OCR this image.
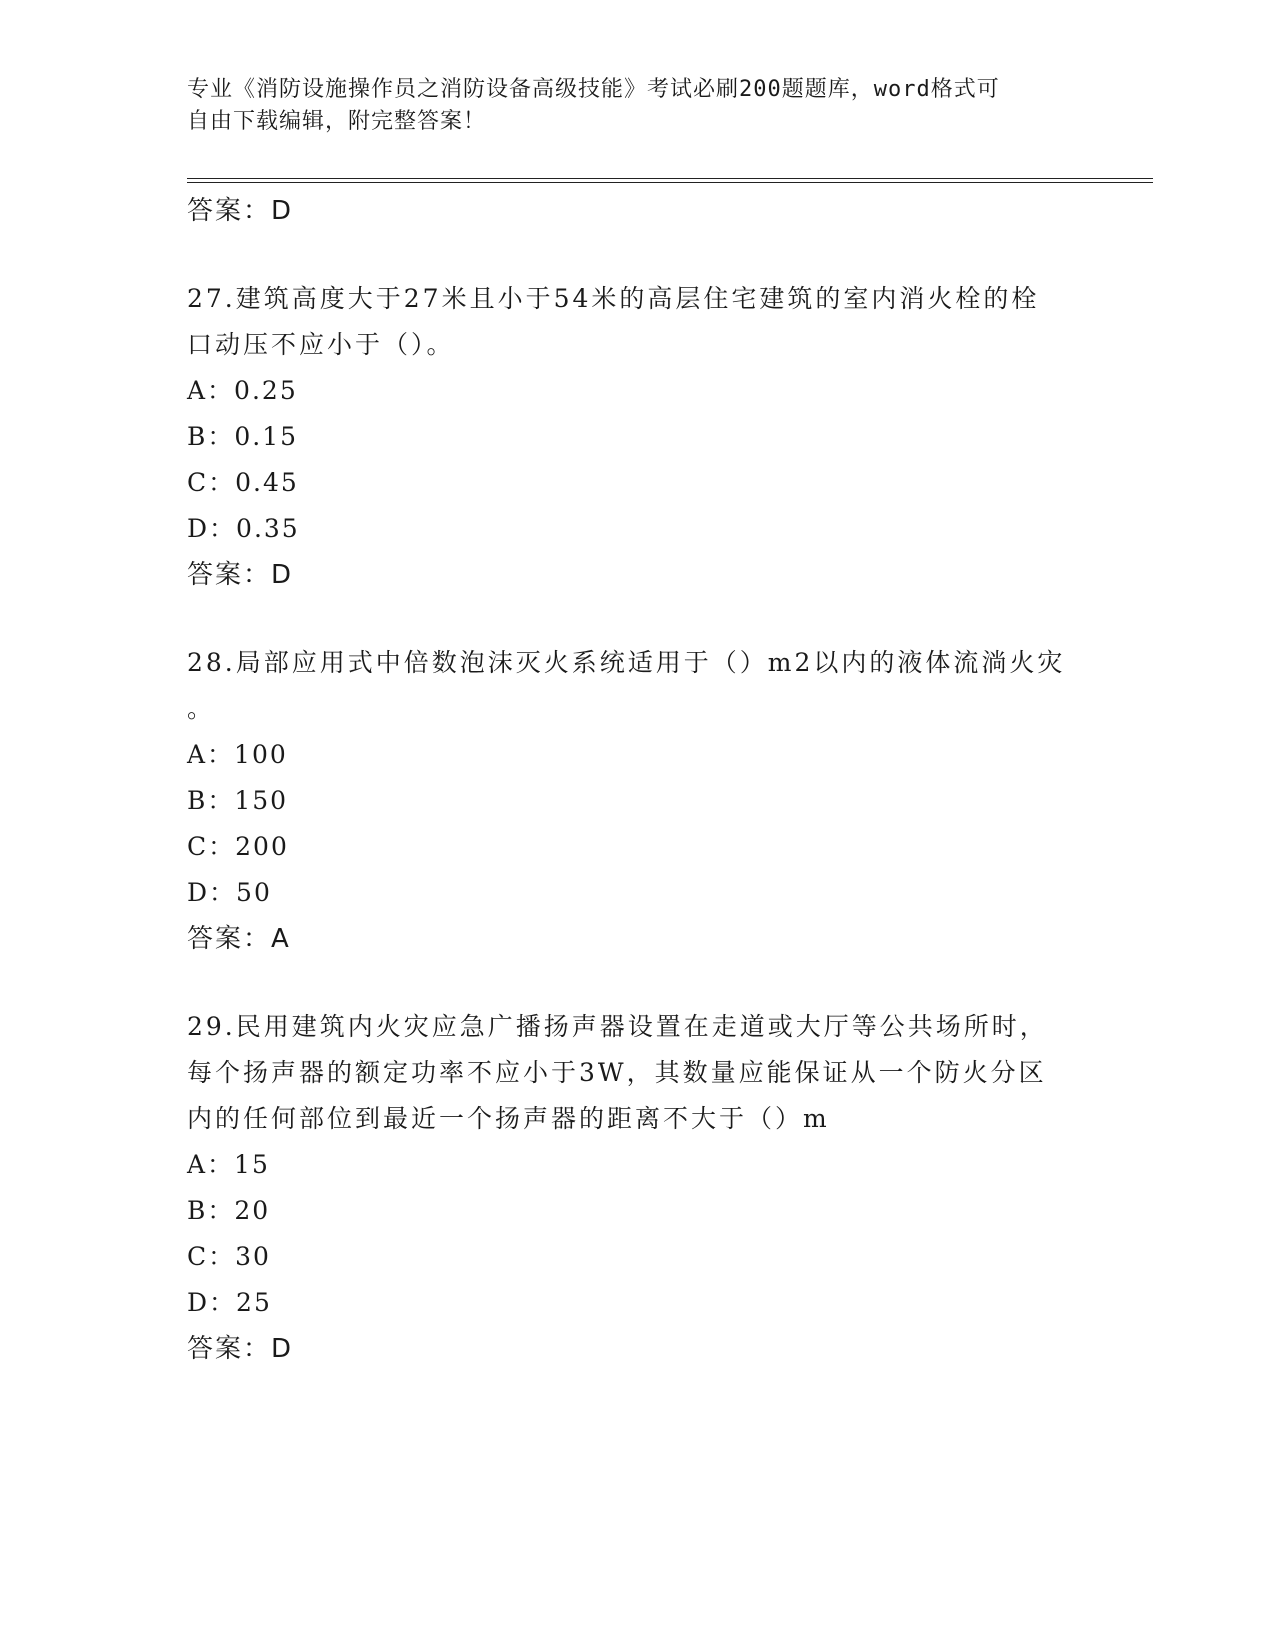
专业《消防设施操作员之消防设备高级技能》考试必刷200题题库，word格式可
自由下载编辑，附完整答案！
答案：D
27.建筑高度大于27米且小于54米的高层住宅建筑的室内消火栓的栓
口动压不应小于（）。
A：0.25
B：0.15
C：0.45
D：0.35
答案：D
28.局部应用式中倍数泡沫灭火系统适用于（）m2以内的液体流淌火灾
。
A：100
B：150
C：200
D：50
答案：A
29.民用建筑内火灾应急广播扬声器设置在走道或大厅等公共场所时，
每个扬声器的额定功率不应小于3W，其数量应能保证从一个防火分区
内的任何部位到最近一个扬声器的距离不大于（）m
A：15
B：20
C：30
D：25
答案：D
